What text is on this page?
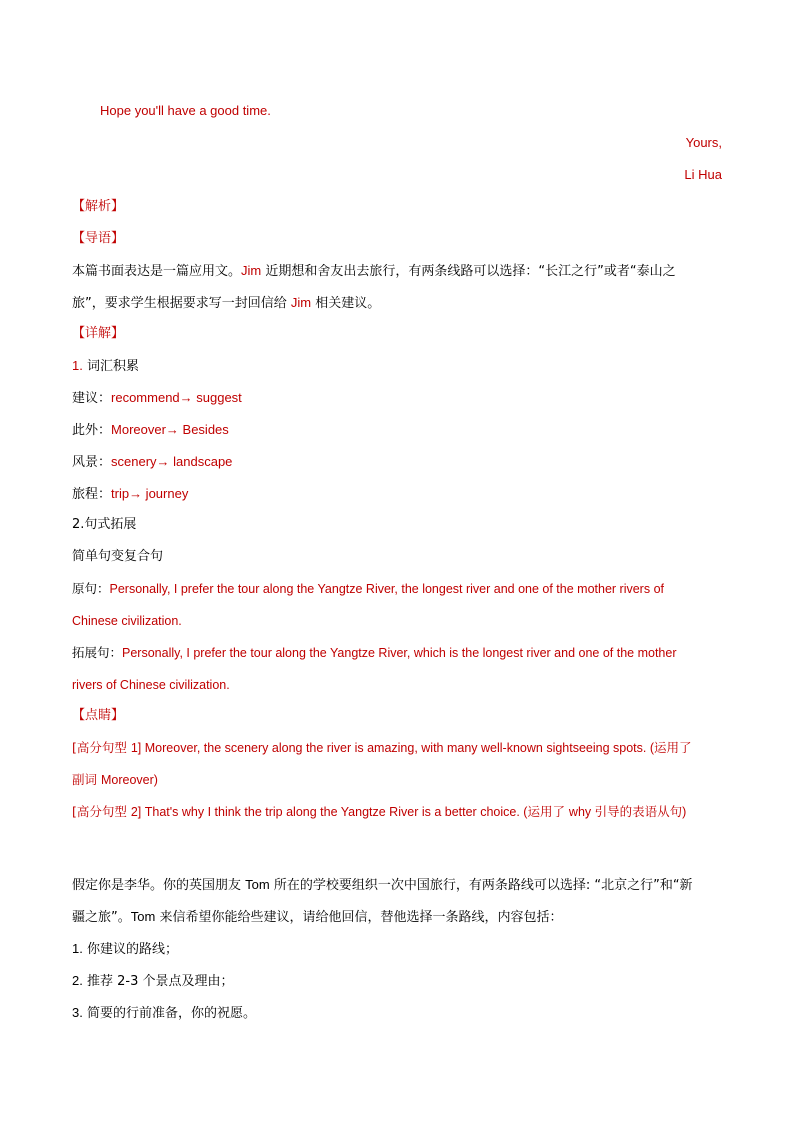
Hope you'll have a good time.
Yours,
Li Hua
【解析】
【导语】
本篇书面表达是一篇应用文。Jim 近期想和舍友出去旅行，有两条线路可以选择：“长江之行”或者“泰山之
旅”，要求学生根据要求写一封回信给 Jim 相关建议。
【详解】
1. 词汇积累
建议：recommend→ suggest
此外：Moreover→ Besides
风景：scenery→ landscape
旅程：trip→ journey
2.句式拓展
简单句变复合句
原句：Personally, I prefer the tour along the Yangtze River, the longest river and one of the mother rivers of
Chinese civilization.
拓展句：Personally, I prefer the tour along the Yangtze River, which is the longest river and one of the mother
rivers of Chinese civilization.
【点睛】
[高分句型 1] Moreover, the scenery along the river is amazing, with many well-known sightseeing spots. (运用了
副词 Moreover)
[高分句型 2] That's why I think the trip along the Yangtze River is a better choice. (运用了 why 引导的表语从句)
假定你是李华。你的英国朋友 Tom 所在的学校要组织一次中国旅行，有两条路线可以选择: “北京之行”和“新
疆之旅”。Tom 来信希望你能给些建议，请给他回信，替他选择一条路线，内容包括：
1. 你建议的路线；
2. 推荐 2-3 个景点及理由；
3. 简要的行前准备，你的祝愿。
